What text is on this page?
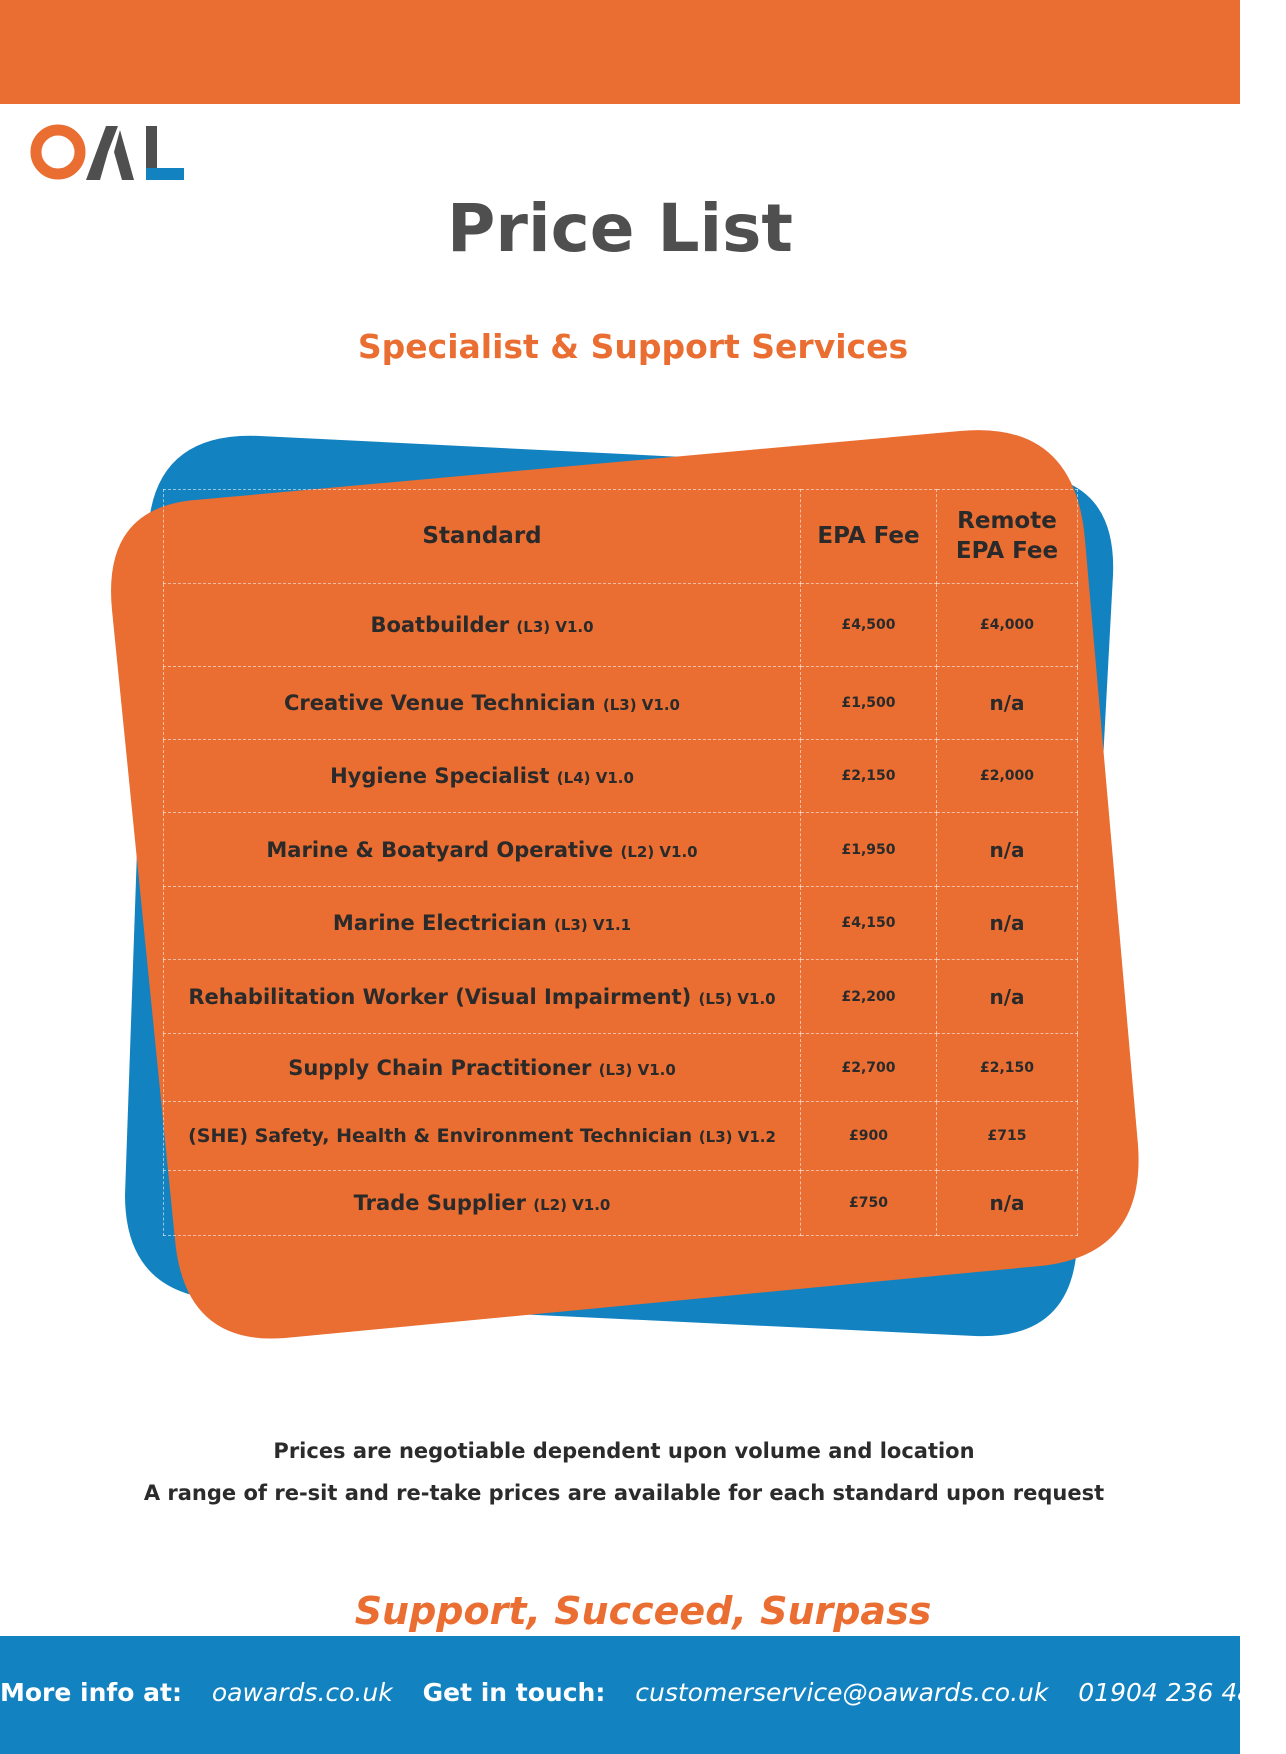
Price List
Specialist & Support Services
Standard	EPA Fee	Remote EPA Fee
Boatbuilder (L3) V1.0	£4,500	£4,000
Creative Venue Technician (L3) V1.0	£1,500	n/a
Hygiene Specialist (L4) V1.0	£2,150	£2,000
Marine & Boatyard Operative (L2) V1.0	£1,950	n/a
Marine Electrician (L3) V1.1	£4,150	n/a
Rehabilitation Worker (Visual Impairment) (L5) V1.0	£2,200	n/a
Supply Chain Practitioner (L3) V1.0	£2,700	£2,150
(SHE) Safety, Health & Environment Technician (L3) V1.2	£900	£715
Trade Supplier (L2) V1.0	£750	n/a
Prices are negotiable dependent upon volume and location
A range of re-sit and re-take prices are available for each standard upon request
Support, Succeed, Surpass
More info at: oawards.co.uk Get in touch: customerservice@oawards.co.uk 01904 236 483
